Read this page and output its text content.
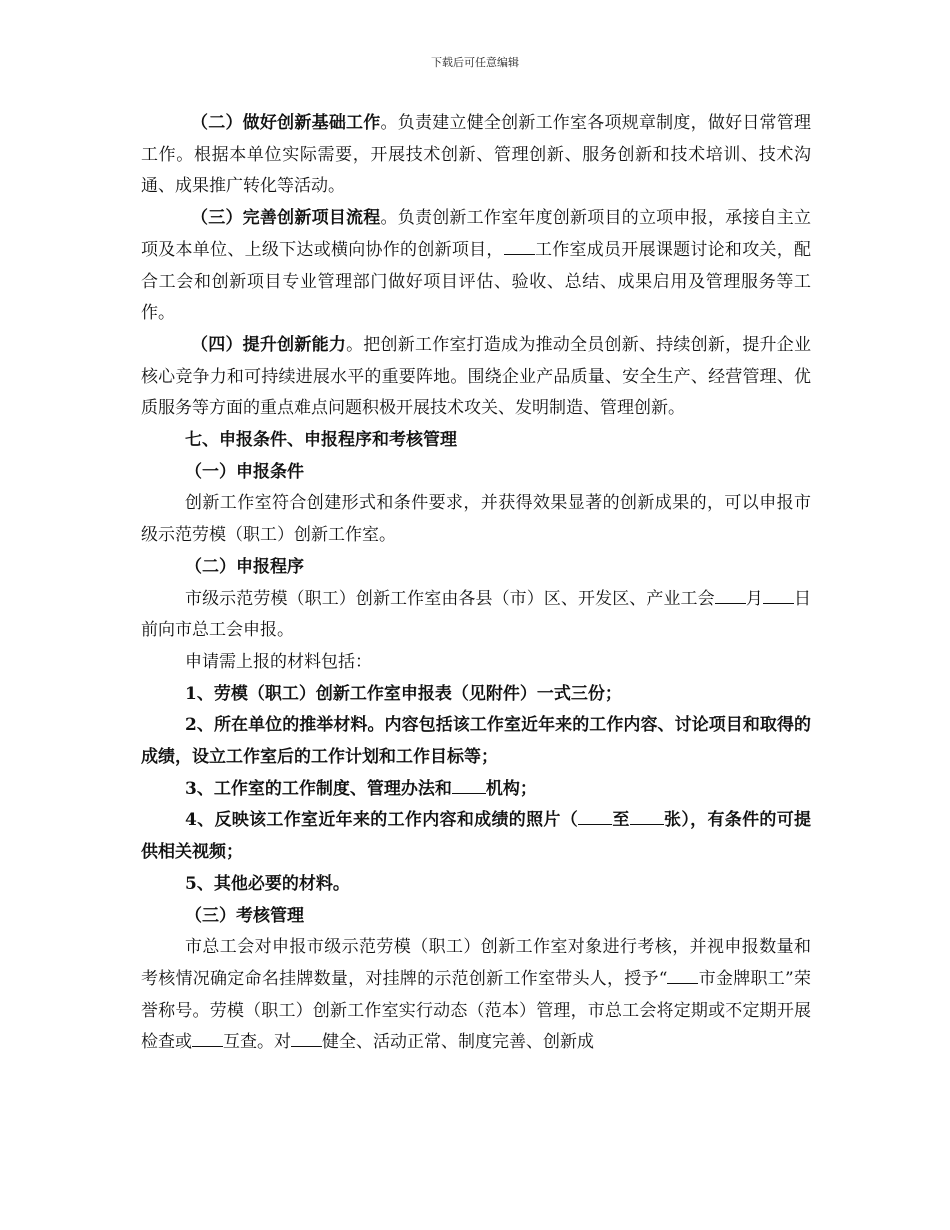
下载后可任意编辑

（二）做好创新基础工作。负责建立健全创新工作室各项规章制度，做好日常管理工作。根据本单位实际需要，开展技术创新、管理创新、服务创新和技术培训、技术沟通、成果推广转化等活动。

（三）完善创新项目流程。负责创新工作室年度创新项目的立项申报，承接自主立项及本单位、上级下达或横向协作的创新项目， 工作室成员开展课题讨论和攻关，配合工会和创新项目专业管理部门做好项目评估、验收、总结、成果启用及管理服务等工作。

（四）提升创新能力。把创新工作室打造成为推动全员创新、持续创新，提升企业核心竞争力和可持续进展水平的重要阵地。围绕企业产品质量、安全生产、经营管理、优质服务等方面的重点难点问题积极开展技术攻关、发明制造、管理创新。

七、申报条件、申报程序和考核管理

（一）申报条件

创新工作室符合创建形式和条件要求，并获得效果显著的创新成果的，可以申报市级示范劳模（职工）创新工作室。

（二）申报程序

市级示范劳模（职工）创新工作室由各县（市）区、开发区、产业工会 月 日前向市总工会申报。

申请需上报的材料包括：

1、劳模（职工）创新工作室申报表（见附件）一式三份；

2、所在单位的推举材料。内容包括该工作室近年来的工作内容、讨论项目和取得的成绩，设立工作室后的工作计划和工作目标等；

3、工作室的工作制度、管理办法和 机构；

4、反映该工作室近年来的工作内容和成绩的照片（ 至 张），有条件的可提供相关视频；

5、其他必要的材料。

（三）考核管理

市总工会对申报市级示范劳模（职工）创新工作室对象进行考核，并视申报数量和考核情况确定命名挂牌数量，对挂牌的示范创新工作室带头人，授予“ 市金牌职工”荣誉称号。劳模（职工）创新工作室实行动态（范本）管理，市总工会将定期或不定期开展检查或 互查。对 健全、活动正常、制度完善、创新成
